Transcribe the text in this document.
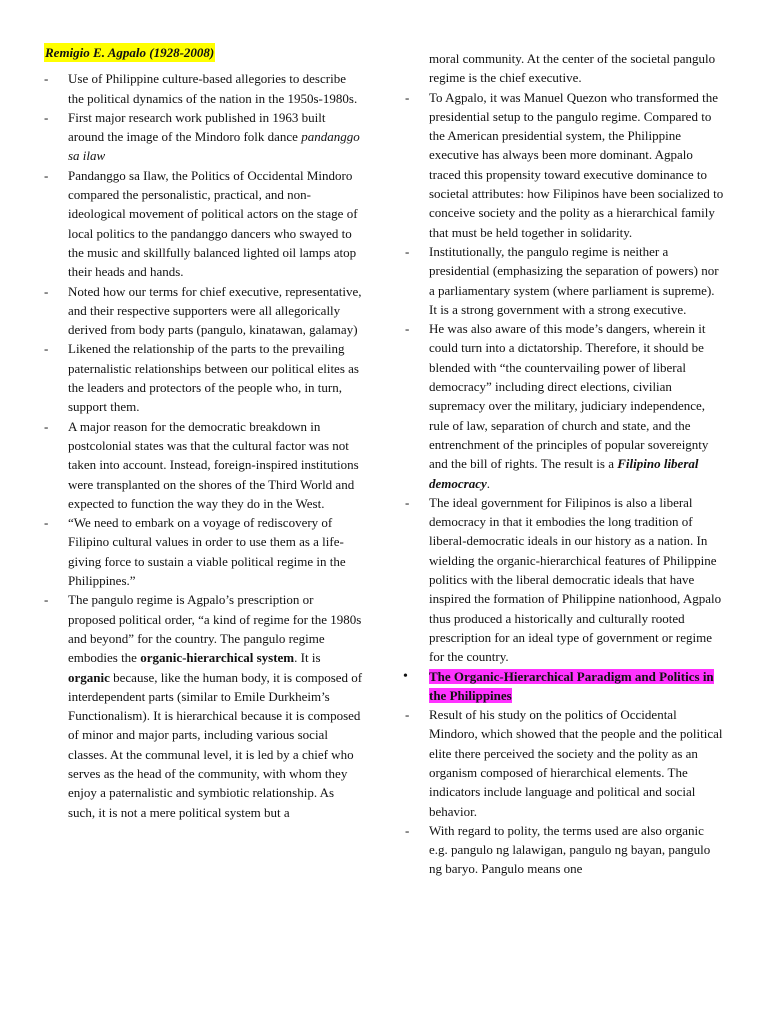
Remigio E. Agpalo (1928-2008)
- Use of Philippine culture-based allegories to describe the political dynamics of the nation in the 1950s-1980s.
- First major research work published in 1963 built around the image of the Mindoro folk dance pandanggo sa ilaw
- Pandanggo sa Ilaw, the Politics of Occidental Mindoro compared the personalistic, practical, and non-ideological movement of political actors on the stage of local politics to the pandanggo dancers who swayed to the music and skillfully balanced lighted oil lamps atop their heads and hands.
- Noted how our terms for chief executive, representative, and their respective supporters were all allegorically derived from body parts (pangulo, kinatawan, galamay)
- Likened the relationship of the parts to the prevailing paternalistic relationships between our political elites as the leaders and protectors of the people who, in turn, support them.
- A major reason for the democratic breakdown in postcolonial states was that the cultural factor was not taken into account. Instead, foreign-inspired institutions were transplanted on the shores of the Third World and expected to function the way they do in the West.
- “We need to embark on a voyage of rediscovery of Filipino cultural values in order to use them as a life-giving force to sustain a viable political regime in the Philippines.”
- The pangulo regime is Agpalo’s prescription or proposed political order, “a kind of regime for the 1980s and beyond” for the country. The pangulo regime embodies the organic-hierarchical system. It is organic because, like the human body, it is composed of interdependent parts (similar to Emile Durkheim’s Functionalism). It is hierarchical because it is composed of minor and major parts, including various social classes. At the communal level, it is led by a chief who serves as the head of the community, with whom they enjoy a paternalistic and symbiotic relationship. As such, it is not a mere political system but a
moral community. At the center of the societal pangulo regime is the chief executive.
- To Agpalo, it was Manuel Quezon who transformed the presidential setup to the pangulo regime. Compared to the American presidential system, the Philippine executive has always been more dominant. Agpalo traced this propensity toward executive dominance to societal attributes: how Filipinos have been socialized to conceive society and the polity as a hierarchical family that must be held together in solidarity.
- Institutionally, the pangulo regime is neither a presidential (emphasizing the separation of powers) nor a parliamentary system (where parliament is supreme). It is a strong government with a strong executive.
- He was also aware of this mode’s dangers, wherein it could turn into a dictatorship. Therefore, it should be blended with “the countervailing power of liberal democracy” including direct elections, civilian supremacy over the military, judiciary independence, rule of law, separation of church and state, and the entrenchment of the principles of popular sovereignty and the bill of rights. The result is a Filipino liberal democracy.
- The ideal government for Filipinos is also a liberal democracy in that it embodies the long tradition of liberal-democratic ideals in our history as a nation. In wielding the organic-hierarchical features of Philippine politics with the liberal democratic ideals that have inspired the formation of Philippine nationhood, Agpalo thus produced a historically and culturally rooted prescription for an ideal type of government or regime for the country.
• The Organic-Hierarchical Paradigm and Politics in the Philippines
- Result of his study on the politics of Occidental Mindoro, which showed that the people and the political elite there perceived the society and the polity as an organism composed of hierarchical elements. The indicators include language and political and social behavior.
- With regard to polity, the terms used are also organic e.g. pangulo ng lalawigan, pangulo ng bayan, pangulo ng baryo. Pangulo means one
